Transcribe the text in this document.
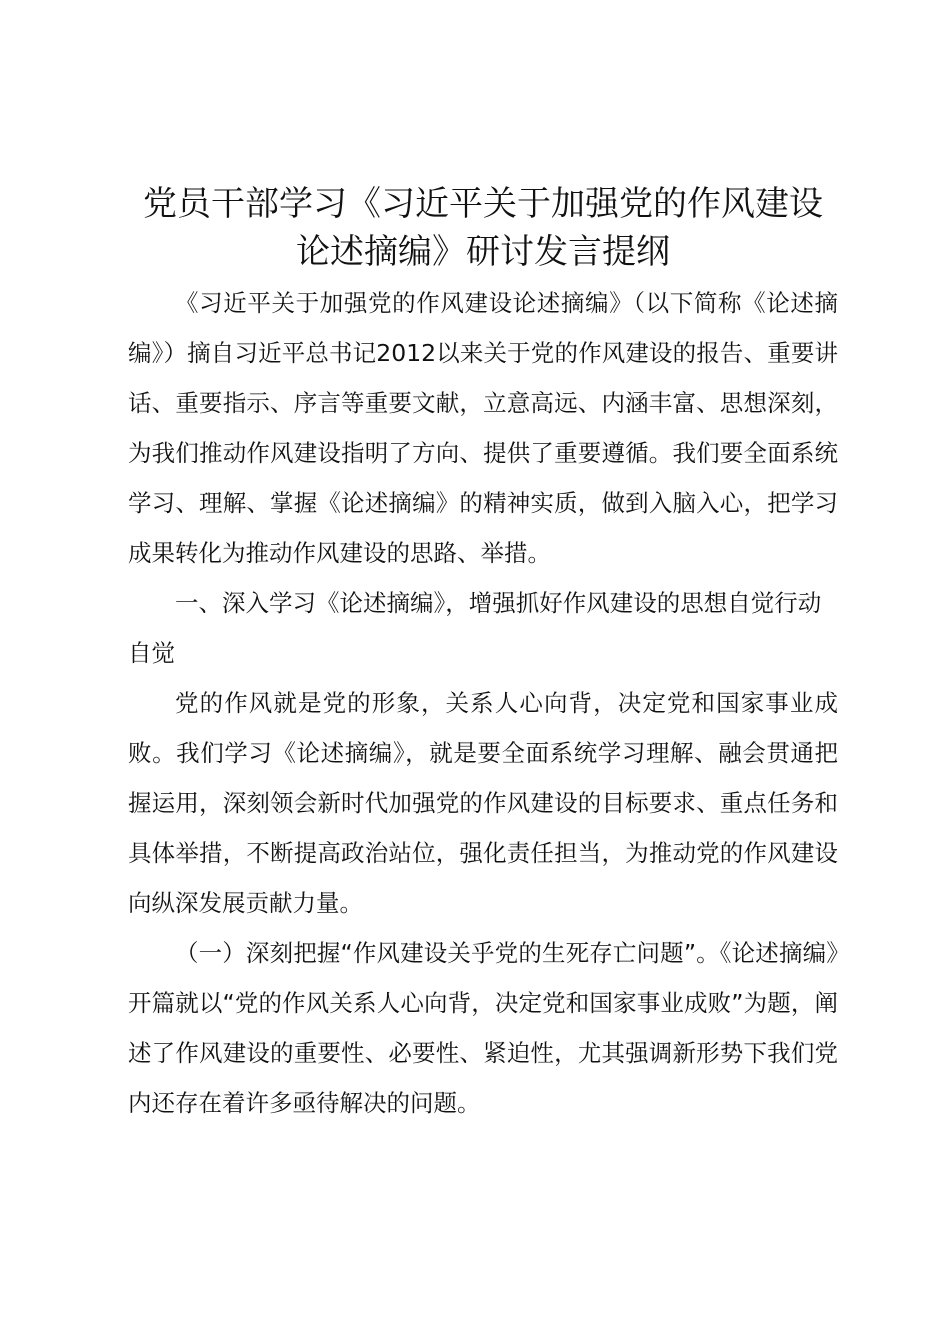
党员干部学习《习近平关于加强党的作风建设
论述摘编》研讨发言提纲

《习近平关于加强党的作风建设论述摘编》（以下简称《论述摘编》）摘自习近平总书记2012以来关于党的作风建设的报告、重要讲话、重要指示、序言等重要文献，立意高远、内涵丰富、思想深刻，为我们推动作风建设指明了方向、提供了重要遵循。我们要全面系统学习、理解、掌握《论述摘编》的精神实质，做到入脑入心，把学习成果转化为推动作风建设的思路、举措。

一、深入学习《论述摘编》，增强抓好作风建设的思想自觉行动自觉

党的作风就是党的形象，关系人心向背，决定党和国家事业成败。我们学习《论述摘编》，就是要全面系统学习理解、融会贯通把握运用，深刻领会新时代加强党的作风建设的目标要求、重点任务和具体举措，不断提高政治站位，强化责任担当，为推动党的作风建设向纵深发展贡献力量。

（一）深刻把握“作风建设关乎党的生死存亡问题”。《论述摘编》开篇就以“党的作风关系人心向背，决定党和国家事业成败”为题，阐述了作风建设的重要性、必要性、紧迫性，尤其强调新形势下我们党内还存在着许多亟待解决的问题。
